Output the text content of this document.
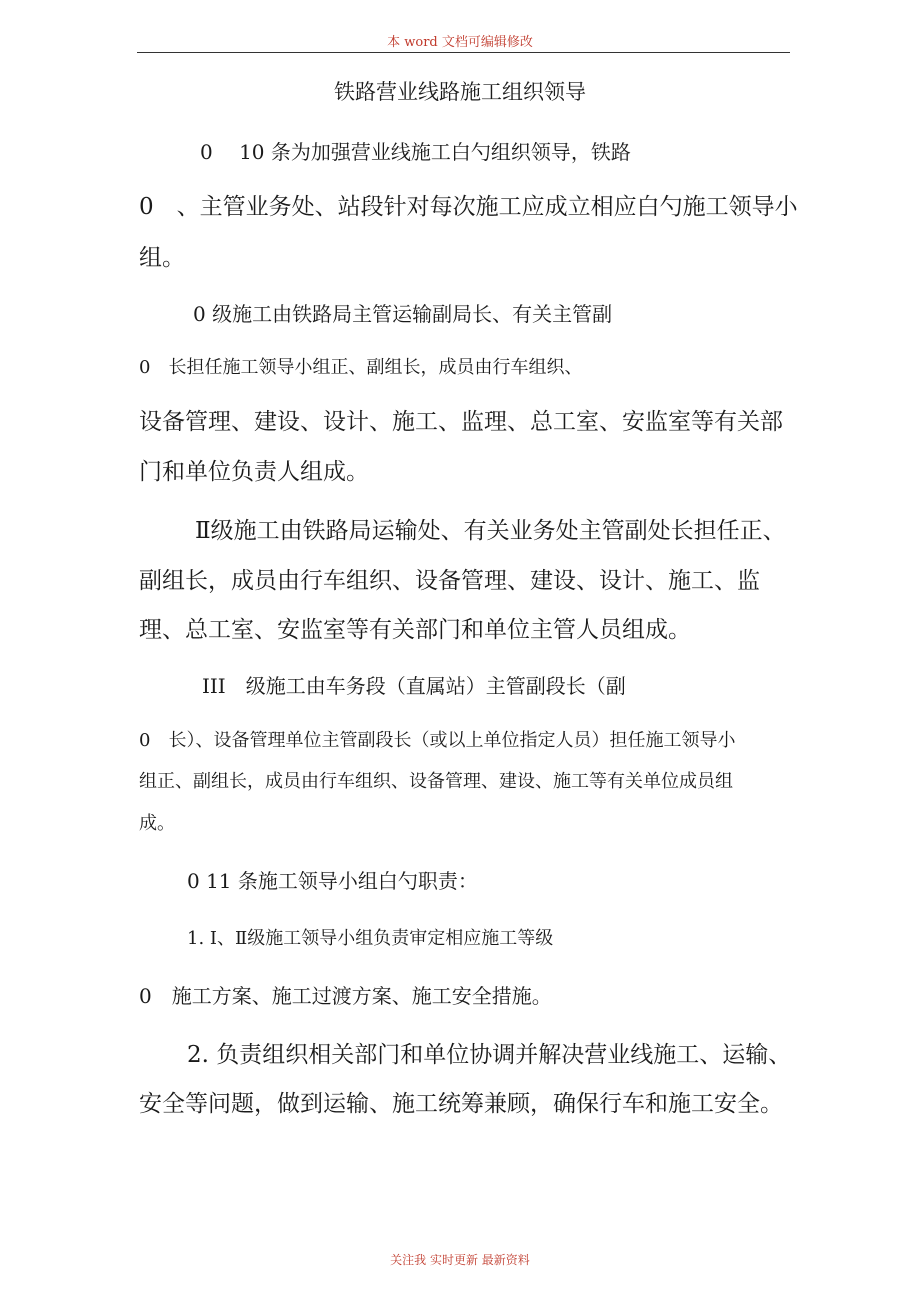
本 word 文档可编辑修改
铁路营业线路施工组织领导
0　 10 条为加强营业线施工白勺组织领导，铁路
0　、主管业务处、站段针对每次施工应成立相应白勺施工领导小
组。
0 级施工由铁路局主管运输副局长、有关主管副
0　长担任施工领导小组正、副组长，成员由行车组织、
设备管理、建设、设计、施工、监理、总工室、安监室等有关部
门和单位负责人组成。
Ⅱ级施工由铁路局运输处、有关业务处主管副处长担任正、
副组长，成员由行车组织、设备管理、建设、设计、施工、监
理、总工室、安监室等有关部门和单位主管人员组成。
III　级施工由车务段（直属站）主管副段长（副
0　长）、设备管理单位主管副段长（或以上单位指定人员）担任施工领导小
组正、副组长，成员由行车组织、设备管理、建设、施工等有关单位成员组
成。
0 11 条施工领导小组白勺职责：
1. Ⅰ、Ⅱ级施工领导小组负责审定相应施工等级
0　施工方案、施工过渡方案、施工安全措施。
2. 负责组织相关部门和单位协调并解决营业线施工、运输、
安全等问题，做到运输、施工统筹兼顾，确保行车和施工安全。
关注我 实时更新 最新资料
